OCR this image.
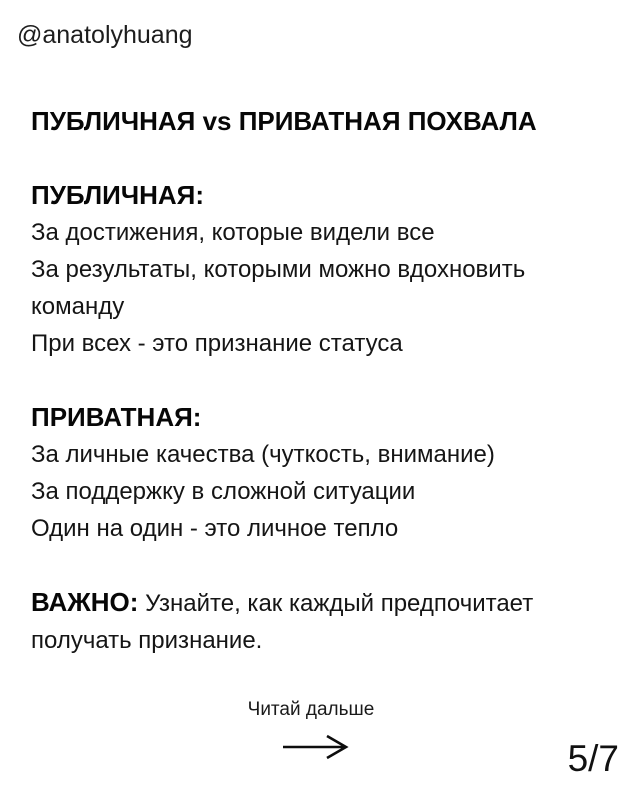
@anatolyhuang
ПУБЛИЧНАЯ vs ПРИВАТНАЯ ПОХВАЛА
ПУБЛИЧНАЯ:

За достижения, которые видели все

За результаты, которыми можно вдохновить команду

При всех - это признание статуса

ПРИВАТНАЯ:

За личные качества (чуткость, внимание)

За поддержку в сложной ситуации

Один на один - это личное тепло

ВАЖНО: Узнайте, как каждый предпочитает получать признание.

Читай дальше
5/7
